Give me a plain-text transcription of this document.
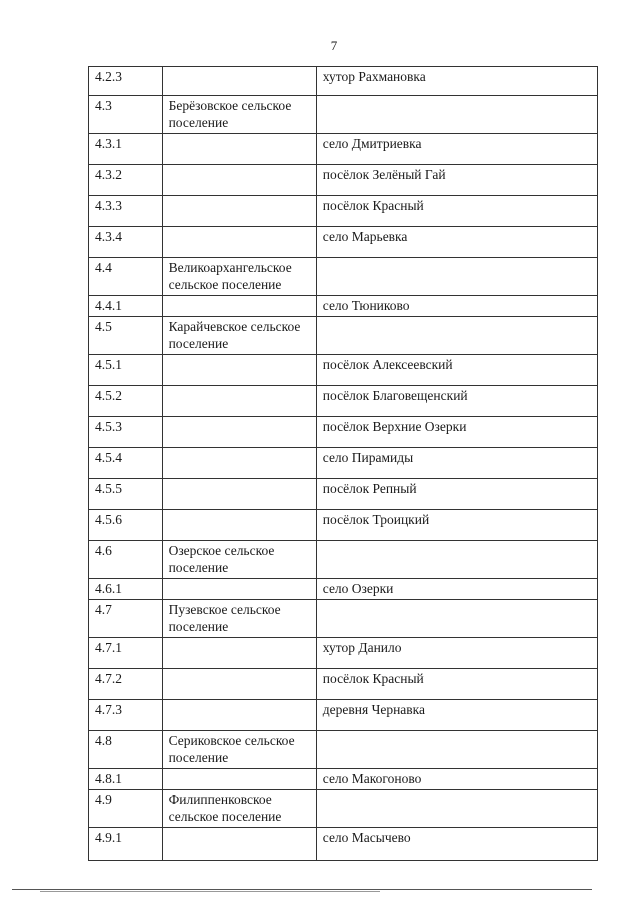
7
4.2.3		хутор Рахмановка
4.3	Берёзовское сельское поселение	
4.3.1		село Дмитриевка
4.3.2		посёлок Зелёный Гай
4.3.3		посёлок Красный
4.3.4		село Марьевка
4.4	Великоархангельское сельское поселение	
4.4.1		село Тюниково
4.5	Карайчевское сельское поселение	
4.5.1		посёлок Алексеевский
4.5.2		посёлок Благовещенский
4.5.3		посёлок Верхние Озерки
4.5.4		село Пирамиды
4.5.5		посёлок Репный
4.5.6		посёлок Троицкий
4.6	Озерское сельское поселение	
4.6.1		село Озерки
4.7	Пузевское сельское поселение	
4.7.1		хутор Данило
4.7.2		посёлок Красный
4.7.3		деревня Чернавка
4.8	Сериковское сельское поселение	
4.8.1		село Макогоново
4.9	Филиппенковское сельское поселение	
4.9.1		село Масычево
